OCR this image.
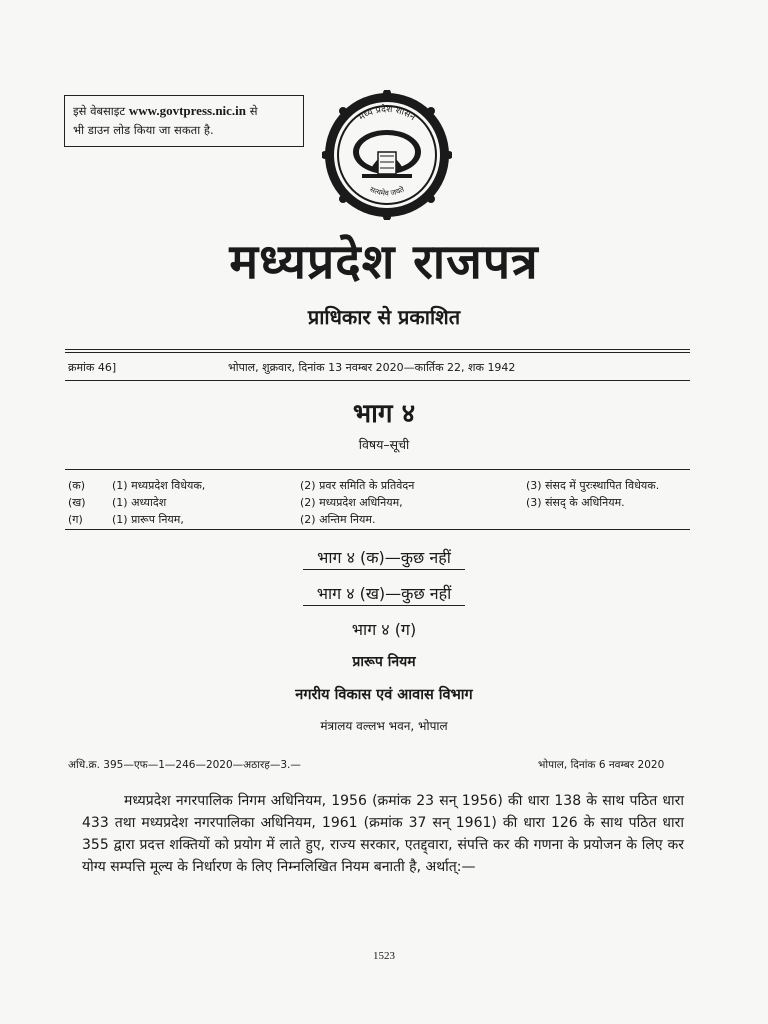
इसे वेबसाइट www.govtpress.nic.in से
भी डाउन लोड किया जा सकता है.
मध्य प्रदेश शासन
सत्यमेव जयते
मध्यप्रदेश राजपत्र
प्राधिकार से प्रकाशित
क्रमांक 46]	भोपाल, शुक्रवार, दिनांक 13 नवम्बर 2020—कार्तिक 22, शक 1942
भाग ४
विषय–सूची
(क) (1) मध्यप्रदेश विधेयक,	(2) प्रवर समिति के प्रतिवेदन	(3) संसद में पुरःस्थापित विधेयक.
(ख) (1) अध्यादेश	(2) मध्यप्रदेश अधिनियम,	(3) संसद् के अधिनियम.
(ग)	(1) प्रारूप नियम,	(2) अन्तिम नियम.
भाग ४ (क)—कुछ नहीं
भाग ४ (ख)—कुछ नहीं
भाग ४ (ग)
प्रारूप नियम
नगरीय विकास एवं आवास विभाग
मंत्रालय वल्लभ भवन, भोपाल
अधि.क्र. 395—एफ—1—246—2020—अठारह—3.—	भोपाल, दिनांक 6 नवम्बर 2020

मध्यप्रदेश नगरपालिक निगम अधिनियम, 1956 (क्रमांक 23 सन् 1956) की धारा 138 के साथ पठित धारा 433 तथा मध्यप्रदेश नगरपालिका अधिनियम, 1961 (क्रमांक 37 सन् 1961) की धारा 126 के साथ पठित धारा 355 द्वारा प्रदत्त शक्तियों को प्रयोग में लाते हुए, राज्य सरकार, एतद्द्वारा, संपत्ति कर की गणना के प्रयोजन के लिए कर योग्य सम्पत्ति मूल्य के निर्धारण के लिए निम्नलिखित नियम बनाती है, अर्थात्:—

1523
